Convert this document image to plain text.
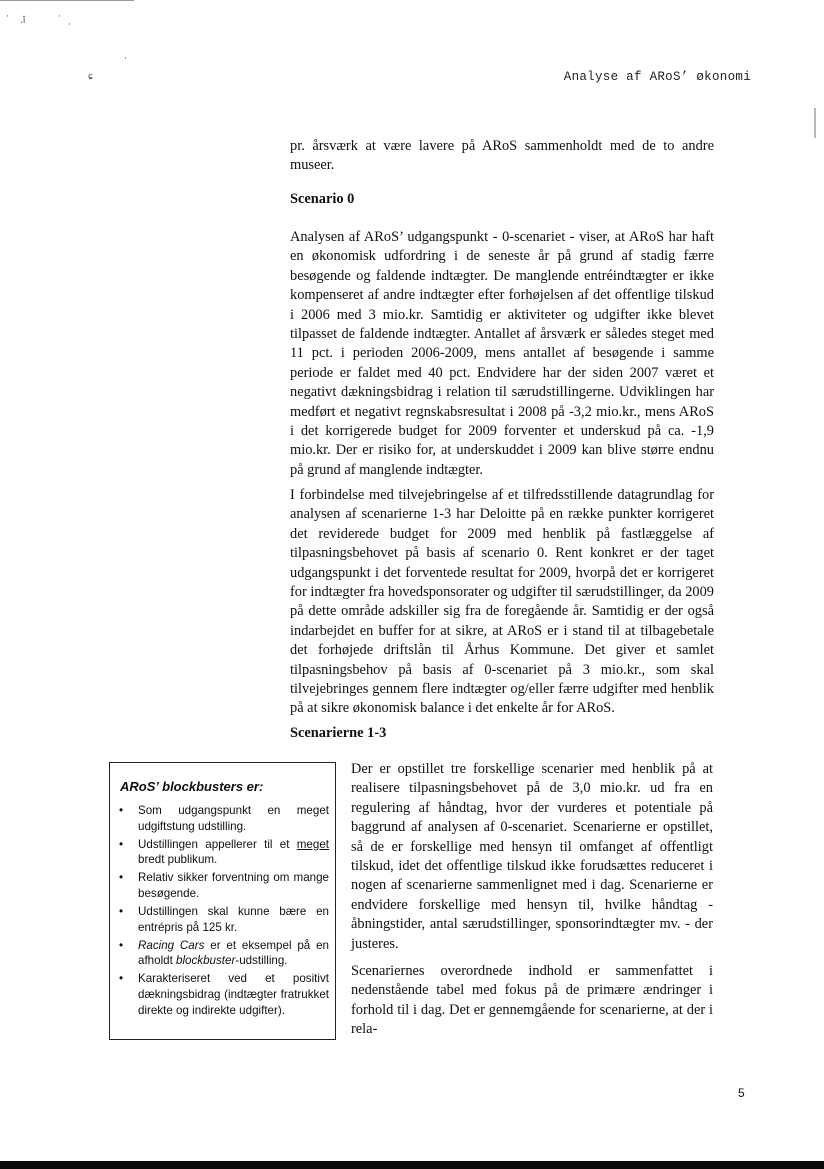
· .ǐ	·
·
·
ɕ	Analyse af ARoS’ økonomi

pr. årsværk at være lavere på ARoS sammenholdt med de to andre museer.

Scenario 0

Analysen af ARoS’ udgangspunkt - 0-scenariet - viser, at ARoS har haft en økonomisk udfordring i de seneste år på grund af stadig færre besøgende og faldende indtægter. De manglende entréindtægter er ikke kompenseret af andre indtægter efter forhøjelsen af det offentlige tilskud i 2006 med 3 mio.kr. Samtidig er aktiviteter og udgifter ikke blevet tilpasset de faldende indtægter. Antallet af årsværk er således steget med 11 pct. i perioden 2006-2009, mens antallet af besøgende i samme periode er faldet med 40 pct. Endvidere har der siden 2007 været et negativt dækningsbidrag i relation til særudstillingerne. Udviklingen har medført et negativt regnskabsresultat i 2008 på -3,2 mio.kr., mens ARoS i det korrigerede budget for 2009 forventer et underskud på ca. -1,9 mio.kr. Der er risiko for, at underskuddet i 2009 kan blive større endnu på grund af manglende indtægter.

I forbindelse med tilvejebringelse af et tilfredsstillende datagrundlag for analysen af scenarierne 1-3 har Deloitte på en række punkter korrigeret det reviderede budget for 2009 med henblik på fastlæggelse af tilpasningsbehovet på basis af scenario 0. Rent konkret er der taget udgangspunkt i det forventede resultat for 2009, hvorpå det er korrigeret for indtægter fra hovedsponsorater og udgifter til særudstillinger, da 2009 på dette område adskiller sig fra de foregående år. Samtidig er der også indarbejdet en buffer for at sikre, at ARoS er i stand til at tilbagebetale det forhøjede driftslån til Århus Kommune. Det giver et samlet tilpasningsbehov på basis af 0-scenariet på 3 mio.kr., som skal tilvejebringes gennem flere indtægter og/eller færre udgifter med henblik på at sikre økonomisk balance i det enkelte år for ARoS.

Scenarierne 1-3

Der er opstillet tre forskellige scenarier med henblik på at realisere tilpasningsbehovet på de 3,0 mio.kr. ud fra en regulering af håndtag, hvor der vurderes et potentiale på baggrund af analysen af 0-scenariet. Scenarierne er opstillet, så de er forskellige med hensyn til omfanget af offentligt tilskud, idet det offentlige tilskud ikke forudsættes reduceret i nogen af scenarierne sammenlignet med i dag. Scenarierne er endvidere forskellige med hensyn til, hvilke håndtag - åbningstider, antal særudstillinger, sponsorindtægter mv. - der justeres.

Scenariernes overordnede indhold er sammenfattet i nedenstående tabel med fokus på de primære ændringer i forhold til i dag. Det er gennemgående for scenarierne, at der i rela-

ARoS’ blockbusters er:
• Som udgangspunkt en meget udgiftstung udstilling.
• Udstillingen appellerer til et meget bredt publikum.
• Relativ sikker forventning om mange besøgende.
• Udstillingen skal kunne bære en entrépris på 125 kr.
• Racing Cars er et eksempel på en afholdt blockbuster-udstilling.
• Karakteriseret ved et positivt dækningsbidrag (indtægter fratrukket direkte og indirekte udgifter).
5
